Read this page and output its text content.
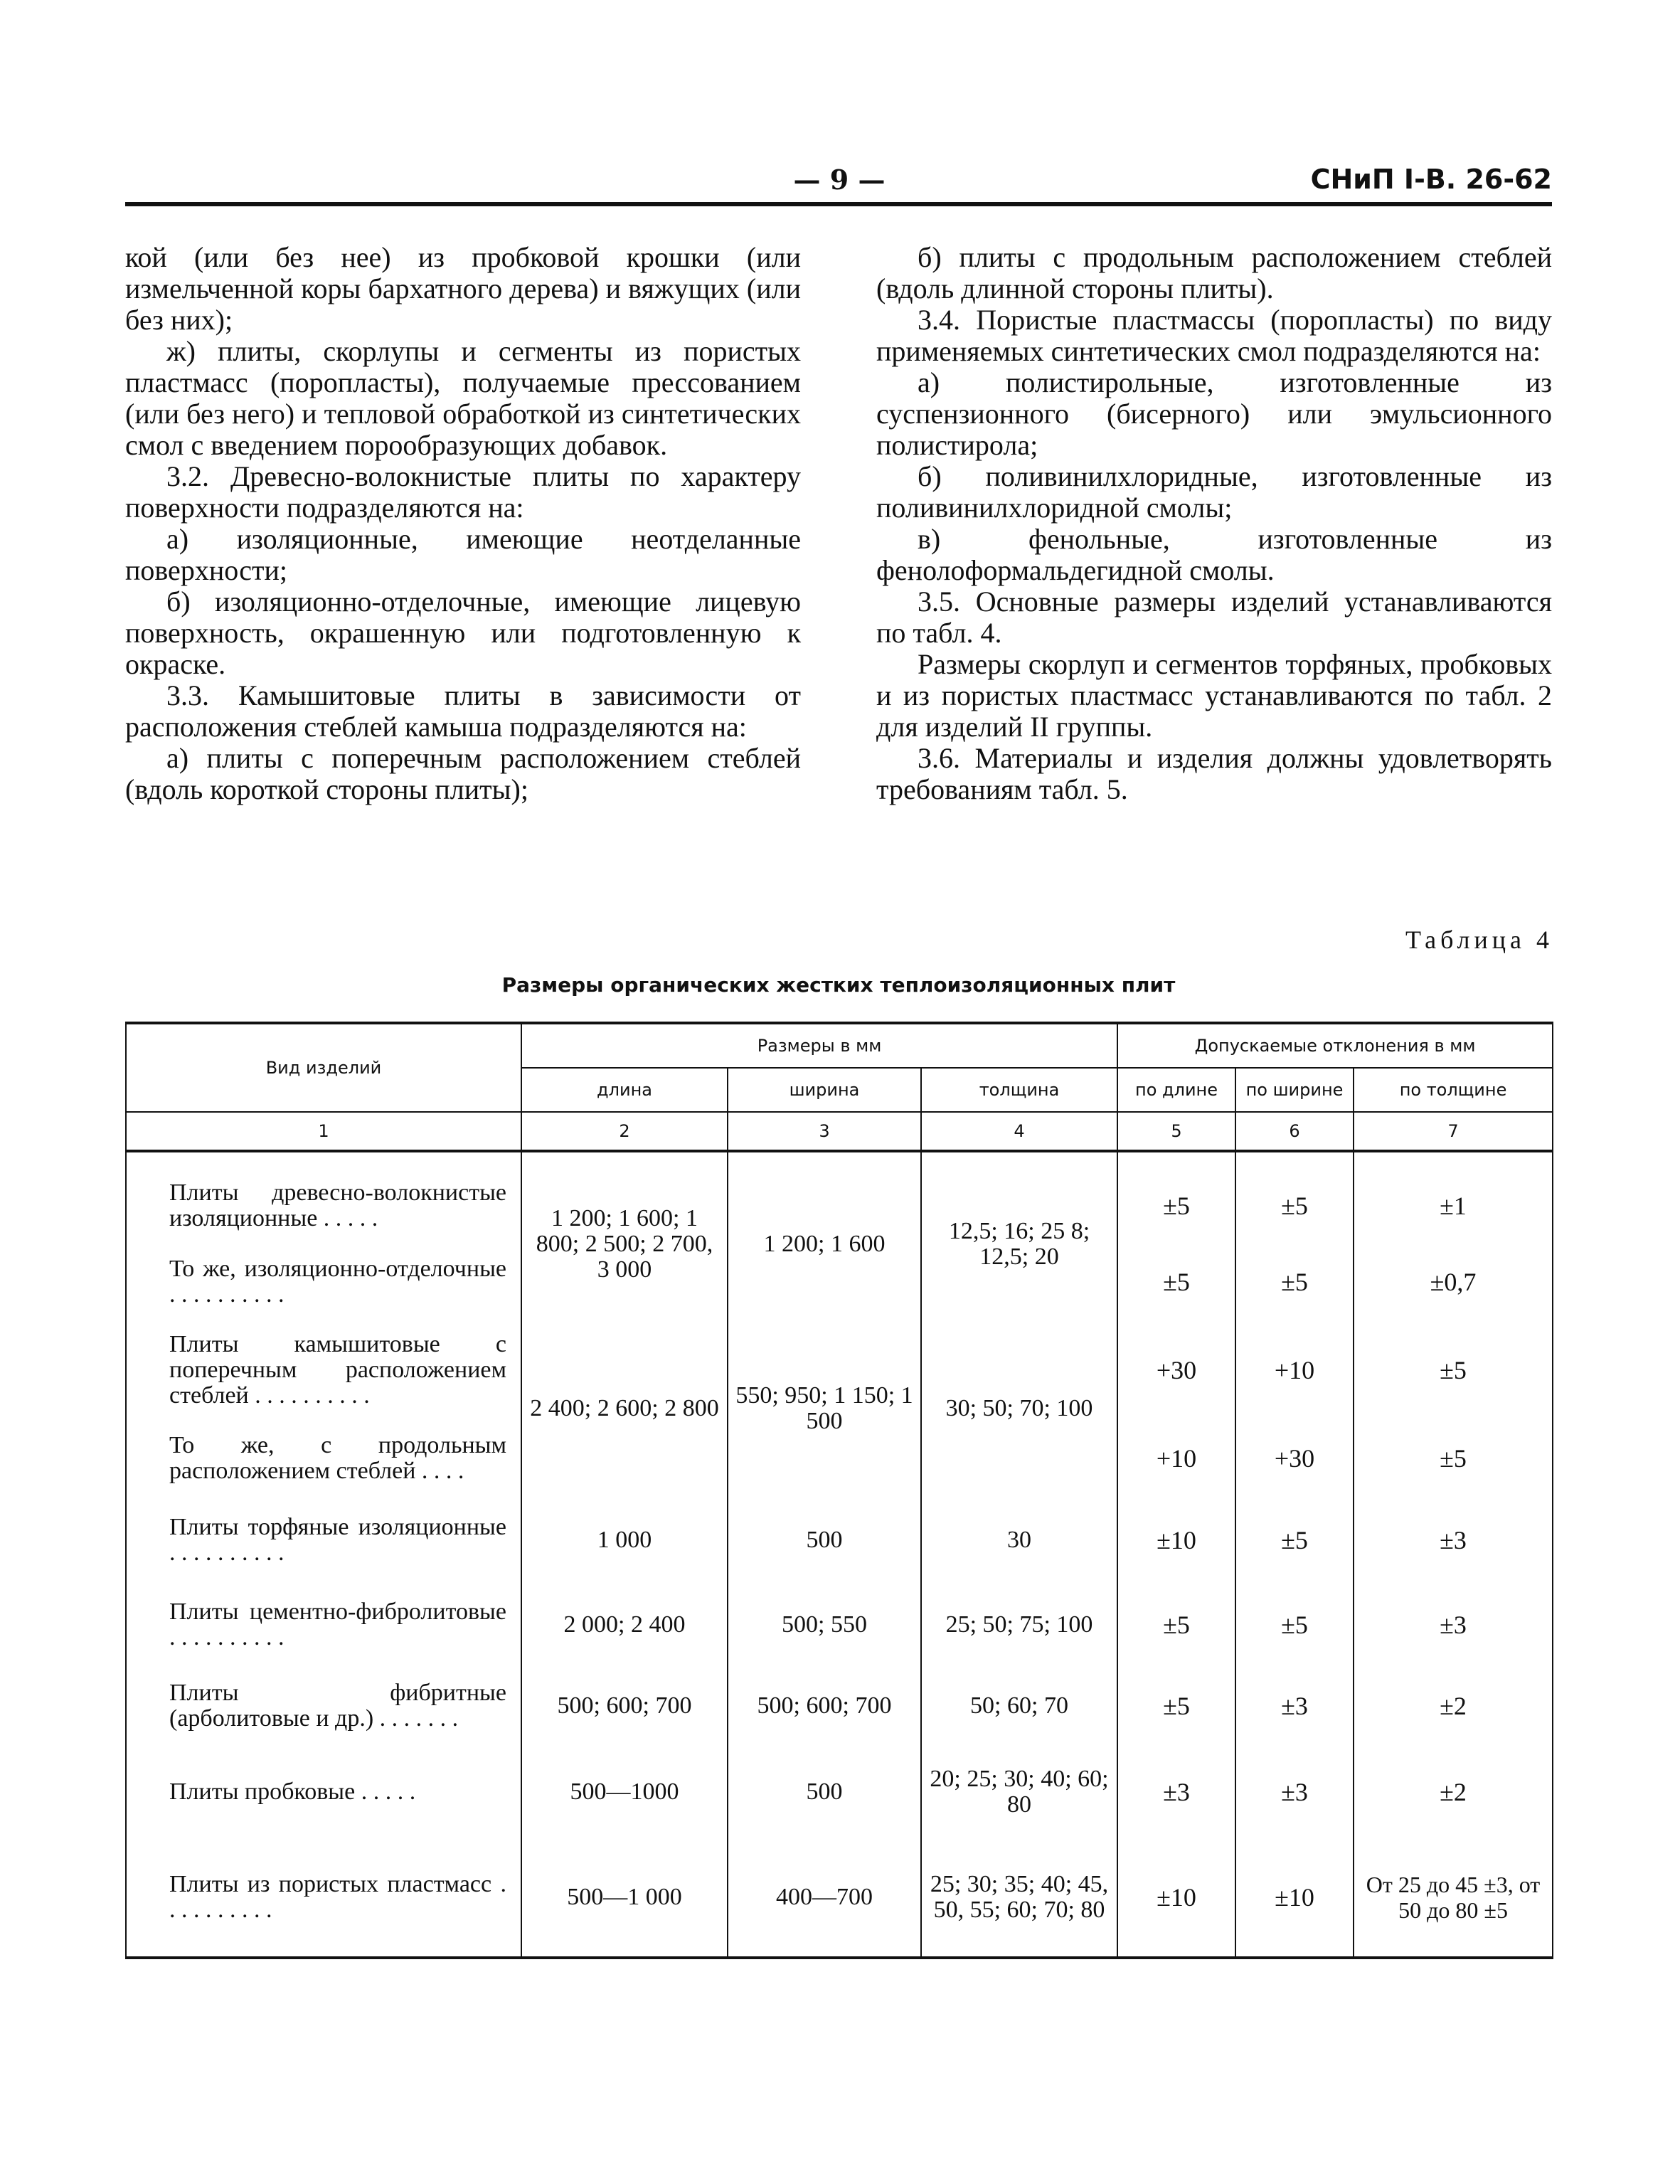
— 9 —	СНиП I-В. 26-62

кой (или без нее) из пробковой крошки (или измельченной коры бархатного дерева) и вяжущих (или без них);

ж) плиты, скорлупы и сегменты из пористых пластмасс (поропласты), получаемые прессованием (или без него) и тепловой обработкой из синтетических смол с введением порообразующих добавок.

3.2. Древесно-волокнистые плиты по характеру поверхности подразделяются на:

а) изоляционные, имеющие неотделанные поверхности;

б) изоляционно-отделочные, имеющие лицевую поверхность, окрашенную или подготовленную к окраске.

3.3. Камышитовые плиты в зависимости от расположения стеблей камыша подразделяются на:

а) плиты с поперечным расположением стеблей (вдоль короткой стороны плиты);

б) плиты с продольным расположением стеблей (вдоль длинной стороны плиты).

3.4. Пористые пластмассы (поропласты) по виду применяемых синтетических смол подразделяются на:

а) полистирольные, изготовленные из суспензионного (бисерного) или эмульсионного полистирола;

б) поливинилхлоридные, изготовленные из поливинилхлоридной смолы;

в) фенольные, изготовленные из фенолоформальдегидной смолы.

3.5. Основные размеры изделий устанавливаются по табл. 4.

Размеры скорлуп и сегментов торфяных, пробковых и из пористых пластмасс устанавливаются по табл. 2 для изделий II группы.

3.6. Материалы и изделия должны удовлетворять требованиям табл. 5.

Таблица 4
Размеры органических жестких теплоизоляционных плит
Вид изделий	Размеры в мм			Допускаемые отклонения в мм		
	длина	ширина	толщина	по длине	по ширине	по толщине
1	2	3	4	5	6	7

Плиты древесно-волокнистые изоляционные . . . . .	1 200; 1 600; 1 800; 2 500; 2 700, 3 000	1 200; 1 600	12,5; 16; 25 8; 12,5; 20	±5	±5	±1
То же, изоляционно-отделочные . . . . . . . . . .				±5	±5	±0,7
Плиты камышитовые с поперечным расположением стеблей . . . . . . . . . .	2 400; 2 600; 2 800	550; 950; 1 150; 1 500	30; 50; 70; 100	+30	+10	±5
То же, с продольным расположением стеблей . . . .				+10	+30	±5
Плиты торфяные изоляционные . . . . . . . . . .	1 000	500	30	±10	±5	±3
Плиты цементно-фибролитовые . . . . . . . . . .	2 000; 2 400	500; 550	25; 50; 75; 100	±5	±5	±3
Плиты фибритные (арболитовые и др.) . . . . . . .	500; 600; 700	500; 600; 700	50; 60; 70	±5	±3	±2
Плиты пробковые . . . . .	500—1000	500	20; 25; 30; 40; 60; 80	±3	±3	±2
Плиты из пористых пластмасс . . . . . . . . . .	500—1 000	400—700	25; 30; 35; 40; 45, 50, 55; 60; 70; 80	±10	±10	От 25 до 45 ±3, от 50 до 80 ±5
